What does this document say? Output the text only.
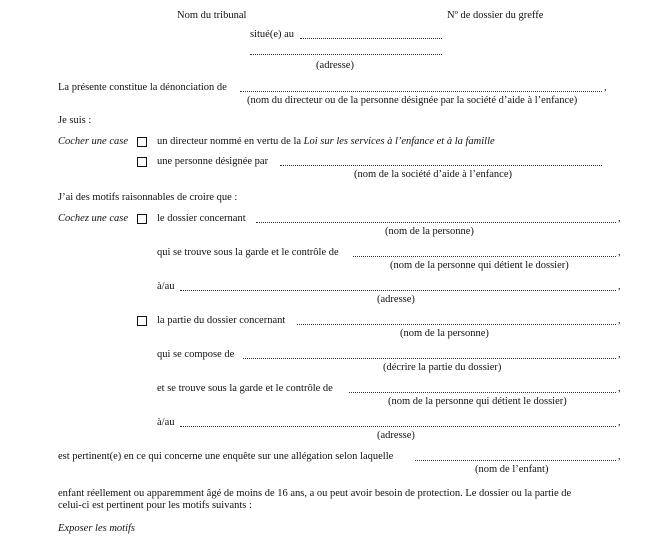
Nom du tribunal	Nº de dossier du greffe
situé(e) au
(adresse)
La présente constitue la dénonciation de	,
(nom du directeur ou de la personne désignée par la société d’aide à l’enfance)
Je suis :
Cocher une case	un directeur nommé en vertu de la Loi sur les services à l’enfance et à la famille
une personne désignée par
(nom de la société d’aide à l’enfance)
J’ai des motifs raisonnables de croire que :
Cochez une case	le dossier concernant	,
(nom de la personne)
qui se trouve sous la garde et le contrôle de	,
(nom de la personne qui détient le dossier)
à/au	,
(adresse)
la partie du dossier concernant	,
(nom de la personne)
qui se compose de	,
(décrire la partie du dossier)
et se trouve sous la garde et le contrôle de	,
(nom de la personne qui détient le dossier)
à/au	,
(adresse)
est pertinent(e) en ce qui concerne une enquête sur une allégation selon laquelle	,
(nom de l’enfant)
enfant réellement ou apparemment âgé de moins de 16 ans, a ou peut avoir besoin de protection. Le dossier ou la partie de
celui-ci est pertinent pour les motifs suivants :
Exposer les motifs
